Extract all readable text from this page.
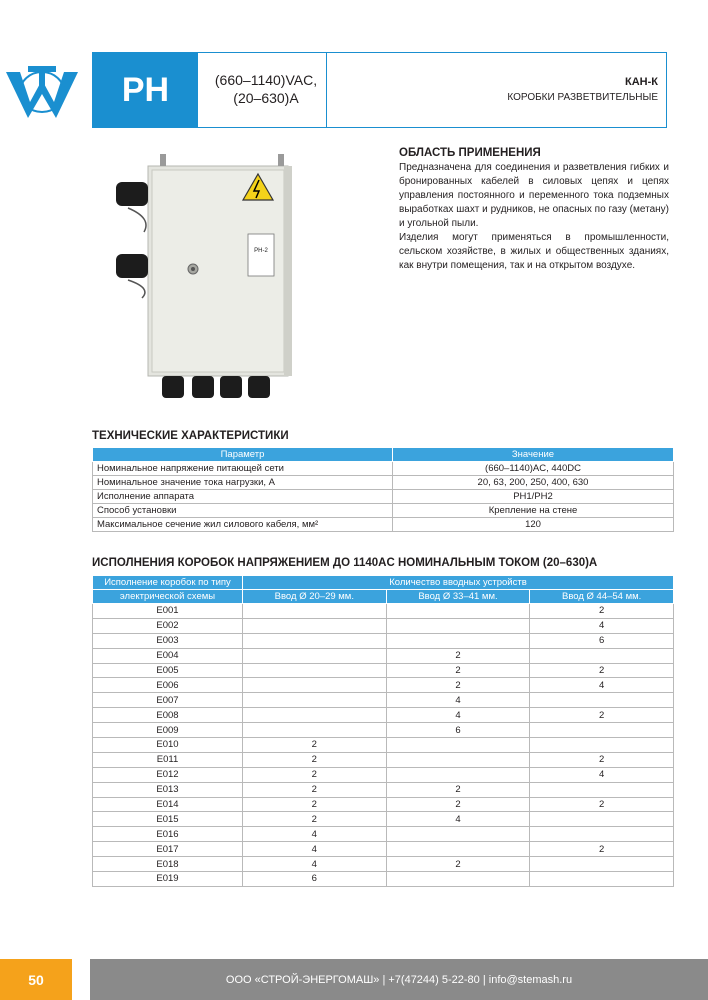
PH	(660–1140)VAC,
(20–630)A
КАН-К
КОРОБКИ РАЗВЕТВИТЕЛЬНЫЕ
PH-2
ОБЛАСТЬ ПРИМЕНЕНИЯ

Предназначена для соединения и разветвления гибких и бронированных кабелей в силовых цепях и цепях управления постоянного и переменного тока подземных выработках шахт и рудников, не опасных по газу (метану) и угольной пыли.

Изделия могут применяться в промышленности, сельском хозяйстве, в жилых и общественных зданиях, как внутри помещения, так и на открытом воздухе.

ТЕХНИЧЕСКИЕ ХАРАКТЕРИСТИКИ
Параметр	Значение
Номинальное напряжение питающей сети	(660–1140)AC, 440DC
Номинальное значение тока нагрузки, А	20, 63, 200, 250, 400, 630
Исполнение аппарата	PH1/PH2
Способ установки	Крепление на стене
Максимальное сечение жил силового кабеля, мм²	120
ИСПОЛНЕНИЯ КОРОБОК НАПРЯЖЕНИЕМ ДО 1140AC НОМИНАЛЬНЫМ ТОКОМ (20–630)А
Исполнение коробок по типу	Количество вводных устройств		
электрической схемы	Ввод Ø 20–29 мм.	Ввод Ø 33–41 мм.	Ввод Ø 44–54 мм.
E001			2
E002			4
E003			6
E004		2	
E005		2	2
E006		2	4
E007		4	
E008		4	2
E009		6	
E010	2		
E011	2		2
E012	2		4
E013	2	2	
E014	2	2	2
E015	2	4	
E016	4		
E017	4		2
E018	4	2	
E019	6		
50	ООО «СТРОЙ-ЭНЕРГОМАШ» | +7(47244) 5-22-80 | info@stemash.ru
